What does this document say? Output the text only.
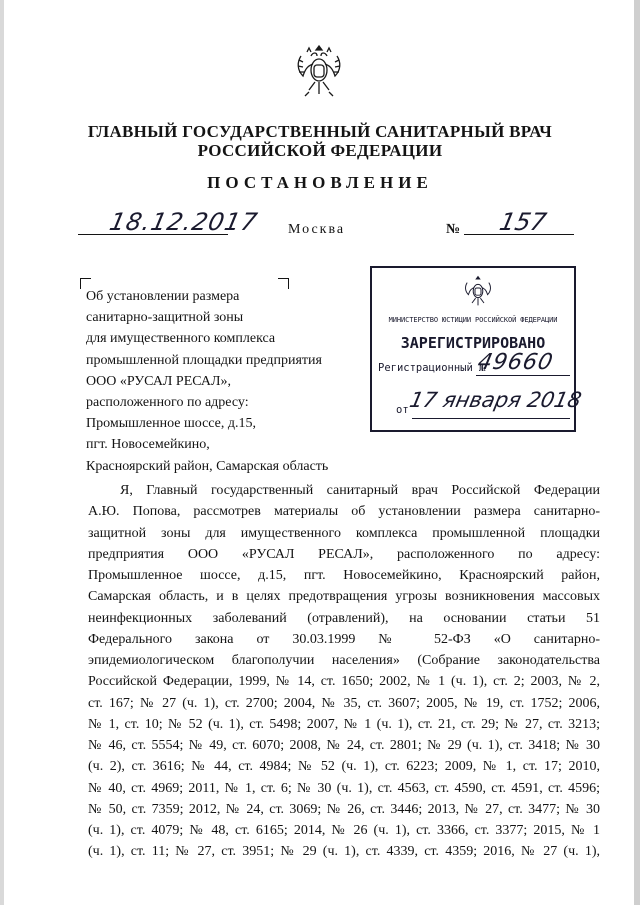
ГЛАВНЫЙ ГОСУДАРСТВЕННЫЙ САНИТАРНЫЙ ВРАЧ
РОССИЙСКОЙ ФЕДЕРАЦИИ
ПОСТАНОВЛЕНИЕ
18.12.2017 Москва	№ 157
Об установлении размера
санитарно-защитной зоны
для имущественного комплекса
промышленной площадки предприятия
ООО «РУСАЛ РЕСАЛ»,
расположенного по адресу:
Промышленное шоссе, д.15,
пгт. Новосемейкино,
Красноярский район, Самарская область
МИНИСТЕРСТВО ЮСТИЦИИ РОССИЙСКОЙ ФЕДЕРАЦИИ
ЗАРЕГИСТРИРОВАНО
Регистрационный №
49660
от
17 января 2018
Я, Главный государственный санитарный врач Российской Федерации
А.Ю. Попова, рассмотрев материалы об установлении размера санитарно-
защитной зоны для имущественного комплекса промышленной площадки
предприятия ООО «РУСАЛ РЕСАЛ», расположенного по адресу:
Промышленное шоссе, д.15, пгт. Новосемейкино, Красноярский район,
Самарская область, и в целях предотвращения угрозы возникновения массовых
неинфекционных заболеваний (отравлений), на основании статьи 51
Федерального закона от 30.03.1999 № 52-ФЗ «О санитарно-
эпидемиологическом благополучии населения» (Собрание законодательства
Российской Федерации, 1999, № 14, ст. 1650; 2002, № 1 (ч. 1), ст. 2; 2003, № 2,
ст. 167; № 27 (ч. 1), ст. 2700; 2004, № 35, ст. 3607; 2005, № 19, ст. 1752; 2006,
№ 1, ст. 10; № 52 (ч. 1), ст. 5498; 2007, № 1 (ч. 1), ст. 21, ст. 29; № 27, ст. 3213;
№ 46, ст. 5554; № 49, ст. 6070; 2008, № 24, ст. 2801; № 29 (ч. 1), ст. 3418; № 30
(ч. 2), ст. 3616; № 44, ст. 4984; № 52 (ч. 1), ст. 6223; 2009, № 1, ст. 17; 2010,
№ 40, ст. 4969; 2011, № 1, ст. 6; № 30 (ч. 1), ст. 4563, ст. 4590, ст. 4591, ст. 4596;
№ 50, ст. 7359; 2012, № 24, ст. 3069; № 26, ст. 3446; 2013, № 27, ст. 3477; № 30
(ч. 1), ст. 4079; № 48, ст. 6165; 2014, № 26 (ч. 1), ст. 3366, ст. 3377; 2015, № 1
(ч. 1), ст. 11; № 27, ст. 3951; № 29 (ч. 1), ст. 4339, ст. 4359; 2016, № 27 (ч. 1),
